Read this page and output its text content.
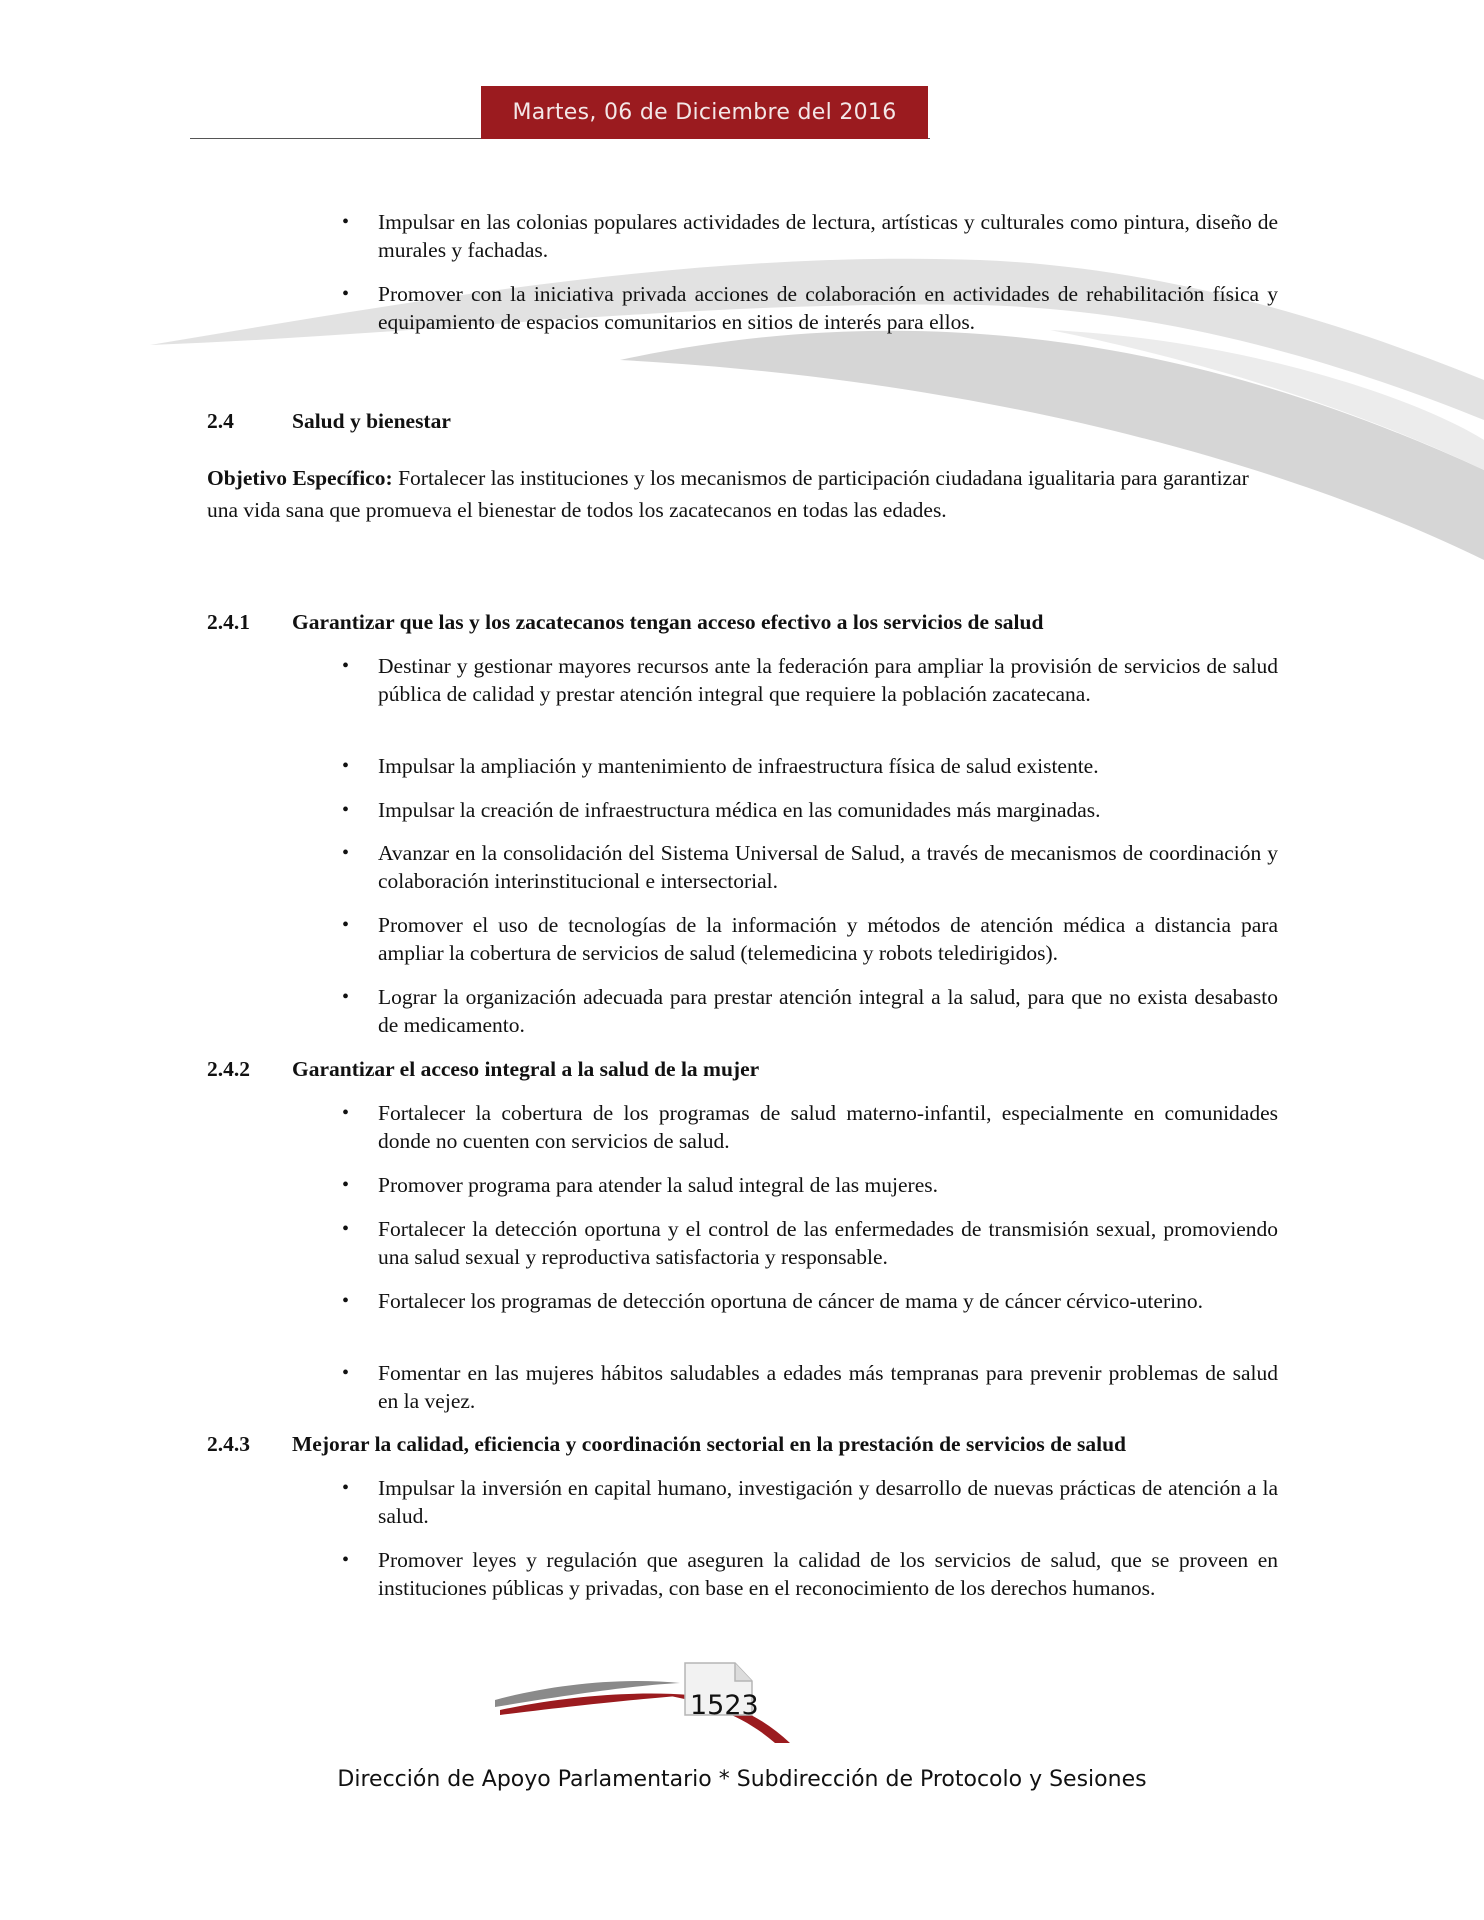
Martes, 06 de Diciembre del 2016
• Impulsar en las colonias populares actividades de lectura, artísticas y culturales como pintura, diseño de murales y fachadas.
• Promover con la iniciativa privada acciones de colaboración en actividades de rehabilitación física y equipamiento de espacios comunitarios en sitios de interés para ellos.
2.4	Salud y bienestar
Objetivo Específico: Fortalecer las instituciones y los mecanismos de participación ciudadana igualitaria para garantizar una vida sana que promueva el bienestar de todos los zacatecanos en todas las edades.
2.4.1 Garantizar que las y los zacatecanos tengan acceso efectivo a los servicios de salud
• Destinar y gestionar mayores recursos ante la federación para ampliar la provisión de servicios de salud pública de calidad y prestar atención integral que requiere la población zacatecana.
• Impulsar la ampliación y mantenimiento de infraestructura física de salud existente.
• Impulsar la creación de infraestructura médica en las comunidades más marginadas.
• Avanzar en la consolidación del Sistema Universal de Salud, a través de mecanismos de coordinación y colaboración interinstitucional e intersectorial.
• Promover el uso de tecnologías de la información y métodos de atención médica a distancia para ampliar la cobertura de servicios de salud (telemedicina y robots teledirigidos).
• Lograr la organización adecuada para prestar atención integral a la salud, para que no exista desabasto de medicamento.
2.4.2 Garantizar el acceso integral a la salud de la mujer
• Fortalecer la cobertura de los programas de salud materno-infantil, especialmente en comunidades donde no cuenten con servicios de salud.
• Promover programa para atender la salud integral de las mujeres.
• Fortalecer la detección oportuna y el control de las enfermedades de transmisión sexual, promoviendo una salud sexual y reproductiva satisfactoria y responsable.
• Fortalecer los programas de detección oportuna de cáncer de mama y de cáncer cérvico-uterino.
• Fomentar en las mujeres hábitos saludables a edades más tempranas para prevenir problemas de salud en la vejez.
2.4.3 Mejorar la calidad, eficiencia y coordinación sectorial en la prestación de servicios de salud
• Impulsar la inversión en capital humano, investigación y desarrollo de nuevas prácticas de atención a la salud.
• Promover leyes y regulación que aseguren la calidad de los servicios de salud, que se proveen en instituciones públicas y privadas, con base en el reconocimiento de los derechos humanos.
1523
Dirección de Apoyo Parlamentario * Subdirección de Protocolo y Sesiones
